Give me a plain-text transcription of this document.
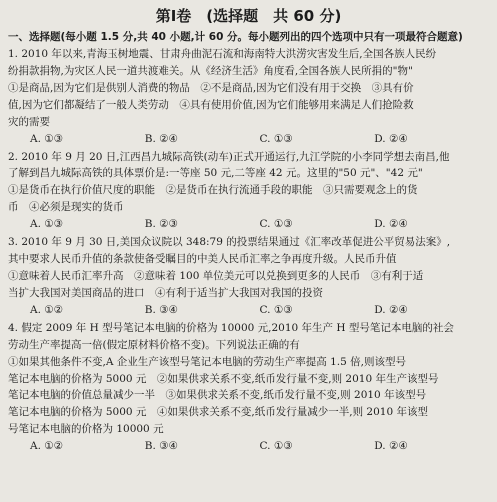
第Ⅰ卷　(选择题　共 60 分)
一、选择题(每小题 1.5 分,共 40 小题,计 60 分。每小题列出的四个选项中只有一项最符合题意)
1. 2010 年以来,青海玉树地震、甘肃舟曲泥石流和海南特大洪涝灾害发生后,全国各族人民纷
纷捐款捐物,为灾区人民一道共渡难关。从《经济生活》角度看,全国各族人民所捐的"物"
①是商品,因为它们是供别人消费的物品　②不是商品,因为它们没有用于交换　③具有价
值,因为它们都凝结了一般人类劳动　④具有使用价值,因为它们能够用来满足人们抢险救
灾的需要
A. ①③	B. ②④	C. ①③	D. ②④
2. 2010 年 9 月 20 日,江西昌九城际高铁(动车)正式开通运行,九江学院的小李同学想去南昌,他
了解到昌九城际高铁的具体票价是:一等座 50 元,二等座 42 元。这里的"50 元"、"42 元"
①是货币在执行价值尺度的职能　②是货币在执行流通手段的职能　③只需要观念上的货
币　④必须是现实的货币
A. ①③	B. ②③	C. ①③	D. ②④
3. 2010 年 9 月 30 日,美国众议院以 348:79 的投票结果通过《汇率改革促进公平贸易法案》,
其中要求人民币升值的条款使备受瞩目的中美人民币汇率之争再度升级。人民币升值
①意味着人民币汇率升高　②意味着 100 单位美元可以兑换到更多的人民币　③有利于适
当扩大我国对美国商品的进口　④有利于适当扩大我国对我国的投资
A. ①②	B. ③④	C. ①③	D. ②④
4. 假定 2009 年 H 型号笔记本电脑的价格为 10000 元,2010 年生产 H 型号笔记本电脑的社会
劳动生产率提高一倍(假定原材料价格不变)。下列说法正确的有
①如果其他条件不变,A 企业生产该型号笔记本电脑的劳动生产率提高 1.5 倍,则该型号
笔记本电脑的价格为 5000 元　②如果供求关系不变,纸币发行量不变,则 2010 年生产该型号
笔记本电脑的价值总量减少一半　③如果供求关系不变,纸币发行量不变,则 2010 年该型号
笔记本电脑的价格为 5000 元　④如果供求关系不变,纸币发行量减少一半,则 2010 年该型
号笔记本电脑的价格为 10000 元
A. ①②	B. ③④	C. ①③	D. ②④
